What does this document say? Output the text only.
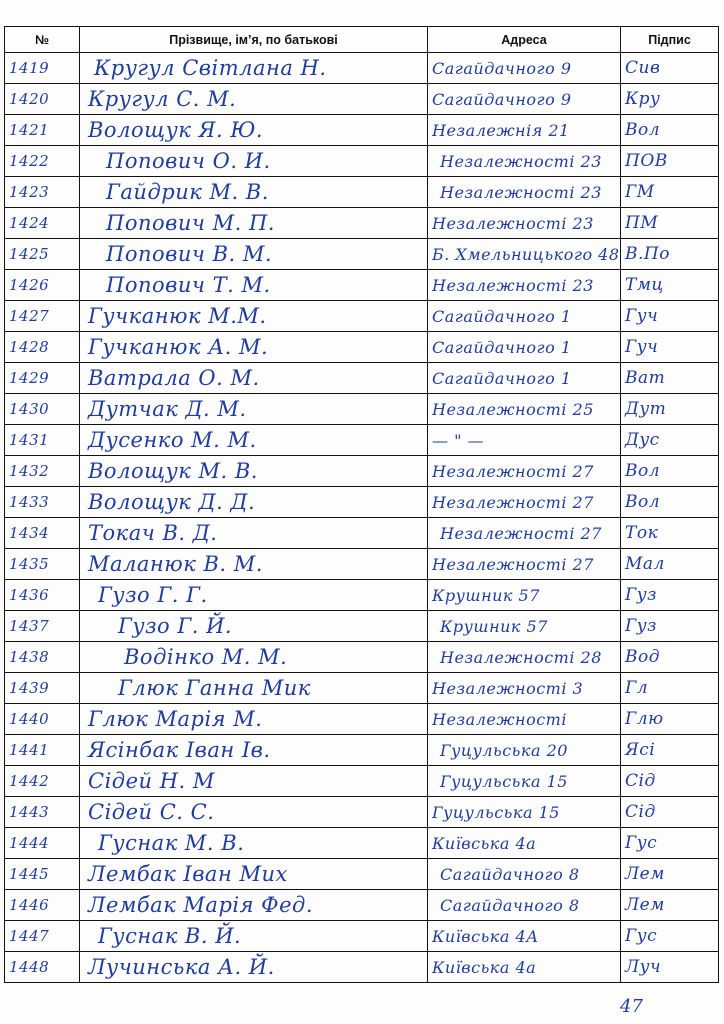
№	Прізвище, ім’я, по батькові	Адреса	Підпис

1419	Кругул Світлана Н.	Сагайдачного 9	Сив

1420	Кругул С. М.	Сагайдачного 9	Кру

1421	Волощук Я. Ю.	Незалежнія 21	Вол

1422	Попович О. И.	Незалежності 23	ПОВ

1423	Гайдрик М. В.	Незалежності 23	ГМ

1424	Попович М. П.	Незалежності 23	ПМ

1425	Попович В. М.	Б. Хмельницького 48	В.По

1426	Попович Т. М.	Незалежності 23	Тмц

1427	Гучканюк М.М.	Сагайдачного 1	Гуч

1428	Гучканюк А. М.	Сагайдачного 1	Гуч

1429	Ватрала О. М.	Сагайдачного 1	Ват

1430	Дутчак Д. М.	Незалежності 25	Дут

1431	Дусенко М. М.	— " —	Дус

1432	Волощук М. В.	Незалежності 27	Вол

1433	Волощук Д. Д.	Незалежності 27	Вол

1434	Токач В. Д.	Незалежності 27	Ток

1435	Маланюк В. М.	Незалежності 27	Мал

1436	Гузо Г. Г.	Крушник 57	Гуз

1437	Гузо Г. Й.	Крушник 57	Гуз

1438	Водінко М. М.	Незалежності 28	Вод

1439	Глюк Ганна Мик	Незалежності 3	Гл

1440	Глюк Марія М.	Незалежності	Глю

1441	Ясінбак Іван Ів.	Гуцульська 20	Ясі

1442	Сідей Н. М	Гуцульська 15	Сід

1443	Сідей С. С.	Гуцульська 15	Сід

1444	Гуснак М. В.	Київська 4а	Гус

1445	Лембак Іван Мих	Сагайдачного 8	Лем

1446	Лембак Марія Фед.	Сагайдачного 8	Лем

1447	Гуснак В. Й.	Київська 4А	Гус

1448	Лучинська А. Й.	Київська 4а	Луч
47
